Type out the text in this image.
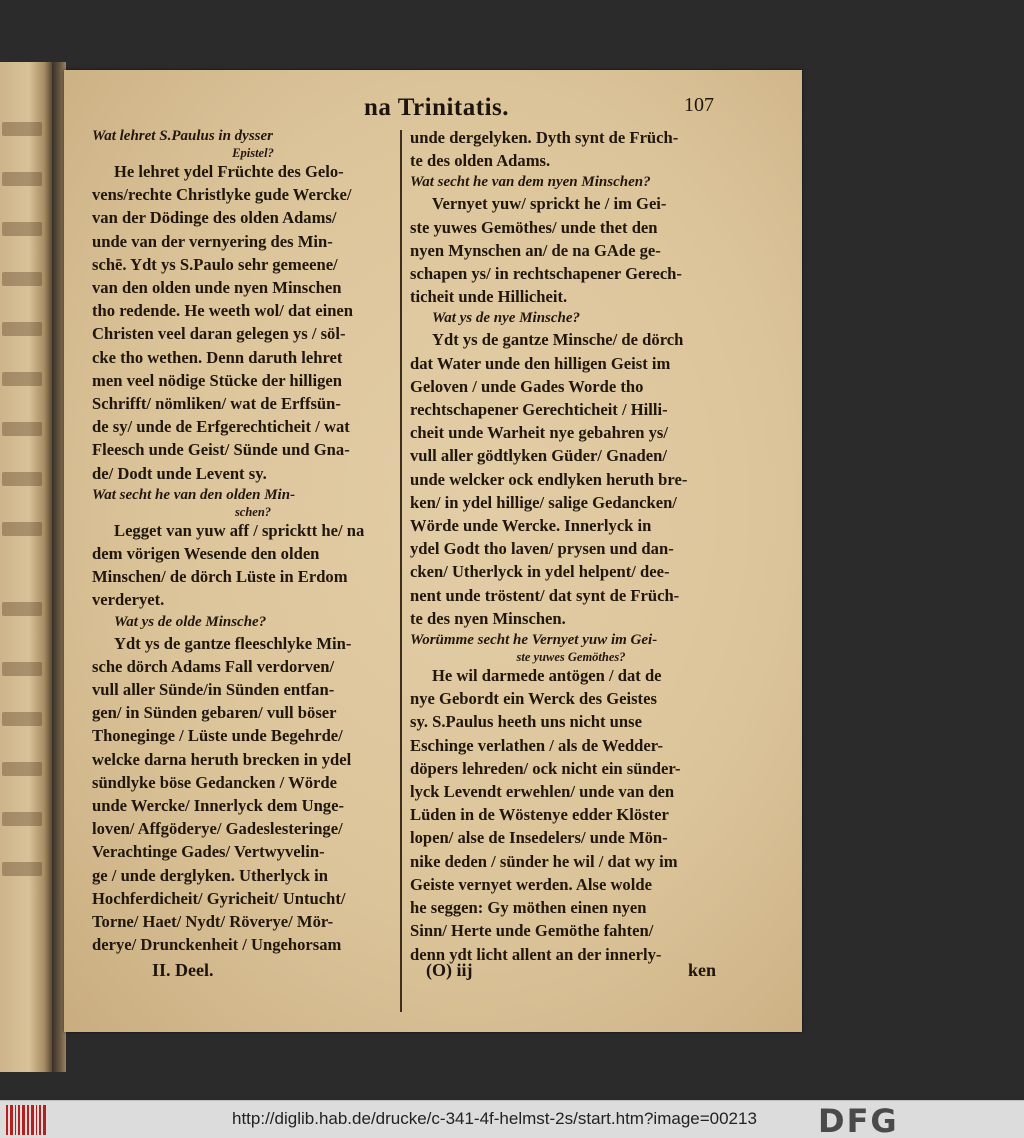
na Trinitatis.	107
Wat lehret S.Paulus in dysser
Epistel?
He lehret ydel Früchte des Gelo-
vens/rechte Christlyke gude Wercke/
van der Dödinge des olden Adams/
unde van der vernyering des Min-
schē. Ydt ys S.Paulo sehr gemeene/
van den olden unde nyen Minschen
tho redende. He weeth wol/ dat einen
Christen veel daran gelegen ys / söl-
cke tho wethen. Denn daruth lehret
men veel nödige Stücke der hilligen
Schrifft/ nömliken/ wat de Erffsün-
de sy/ unde de Erfgerechticheit / wat
Fleesch unde Geist/ Sünde und Gna-
de/ Dodt unde Levent sy.
Wat secht he van den olden Min-
schen?
Legget van yuw aff / spricktt he/ na
dem vörigen Wesende den olden
Minschen/ de dörch Lüste in Erdom
verderyet.
Wat ys de olde Minsche?
Ydt ys de gantze fleeschlyke Min-
sche dörch Adams Fall verdorven/
vull aller Sünde/in Sünden entfan-
gen/ in Sünden gebaren/ vull böser
Thoneginge / Lüste unde Begehrde/
welcke darna heruth brecken in ydel
sündlyke böse Gedancken / Wörde
unde Wercke/ Innerlyck dem Unge-
loven/ Affgöderye/ Gadeslesteringe/
Verachtinge Gades/ Vertwyvelin-
ge / unde derglyken. Utherlyck in
Hochferdicheit/ Gyricheit/ Untucht/
Torne/ Haet/ Nydt/ Röverye/ Mör-
derye/ Drunckenheit / Ungehorsam
unde dergelyken. Dyth synt de Früch-
te des olden Adams.
Wat secht he van dem nyen Minschen?
Vernyet yuw/ sprickt he / im Gei-
ste yuwes Gemöthes/ unde thet den
nyen Mynschen an/ de na GAde ge-
schapen ys/ in rechtschapener Gerech-
ticheit unde Hillicheit.
Wat ys de nye Minsche?
Ydt ys de gantze Minsche/ de dörch
dat Water unde den hilligen Geist im
Geloven / unde Gades Worde tho
rechtschapener Gerechticheit / Hilli-
cheit unde Warheit nye gebahren ys/
vull aller gödtlyken Güder/ Gnaden/
unde welcker ock endlyken heruth bre-
ken/ in ydel hillige/ salige Gedancken/
Wörde unde Wercke. Innerlyck in
ydel Godt tho laven/ prysen und dan-
cken/ Utherlyck in ydel helpent/ dee-
nent unde tröstent/ dat synt de Früch-
te des nyen Minschen.
Worümme secht he Vernyet yuw im Gei-
ste yuwes Gemöthes?
He wil darmede antögen / dat de
nye Gebordt ein Werck des Geistes
sy. S.Paulus heeth uns nicht unse
Eschinge verlathen / als de Wedder-
döpers lehreden/ ock nicht ein sünder-
lyck Levendt erwehlen/ unde van den
Lüden in de Wöstenye edder Klöster
lopen/ alse de Insedelers/ unde Mön-
nike deden / sünder he wil / dat wy im
Geiste vernyet werden. Alse wolde
he seggen: Gy möthen einen nyen
Sinn/ Herte unde Gemöthe fahten/
denn ydt licht allent an der innerly-
II. Deel.	(O) iij	ken
http://diglib.hab.de/drucke/c-341-4f-helmst-2s/start.htm?image=00213 DFG
